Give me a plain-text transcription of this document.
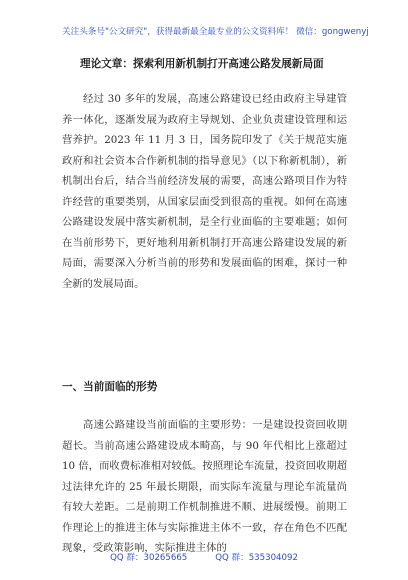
关注头条号"公文研究"，获得最新最全最专业的公文资料库！ 微信：gongwenyj
理论文章：探索利用新机制打开高速公路发展新局面
经过 30 多年的发展，高速公路建设已经由政府主导建管养一体化，逐渐发展为政府主导规划、企业负责建设管理和运营养护。2023 年 11 月 3 日，国务院印发了《关于规范实施政府和社会资本合作新机制的指导意见》（以下称新机制），新机制出台后，结合当前经济发展的需要，高速公路项目作为特许经营的重要类别，从国家层面受到很高的重视。如何在高速公路建设发展中落实新机制，是全行业面临的主要难题；如何在当前形势下，更好地利用新机制打开高速公路建设发展的新局面，需要深入分析当前的形势和发展面临的困难，探讨一种全新的发展局面。
一、当前面临的形势
高速公路建设当前面临的主要形势：一是建设投资回收期超长。当前高速公路建设成本畸高，与 90 年代相比上涨超过 10 倍，而收费标准相对较低。按照理论车流量，投资回收期超过法律允许的 25 年最长期限，而实际车流量与理论车流量尚有较大差距。二是前期工作机制推进不顺、进展缓慢。前期工作理论上的推进主体与实际推进主体不一致，存在角色不匹配现象，受政策影响，实际推进主体的
QQ 群：30265665	QQ 群：535304092
